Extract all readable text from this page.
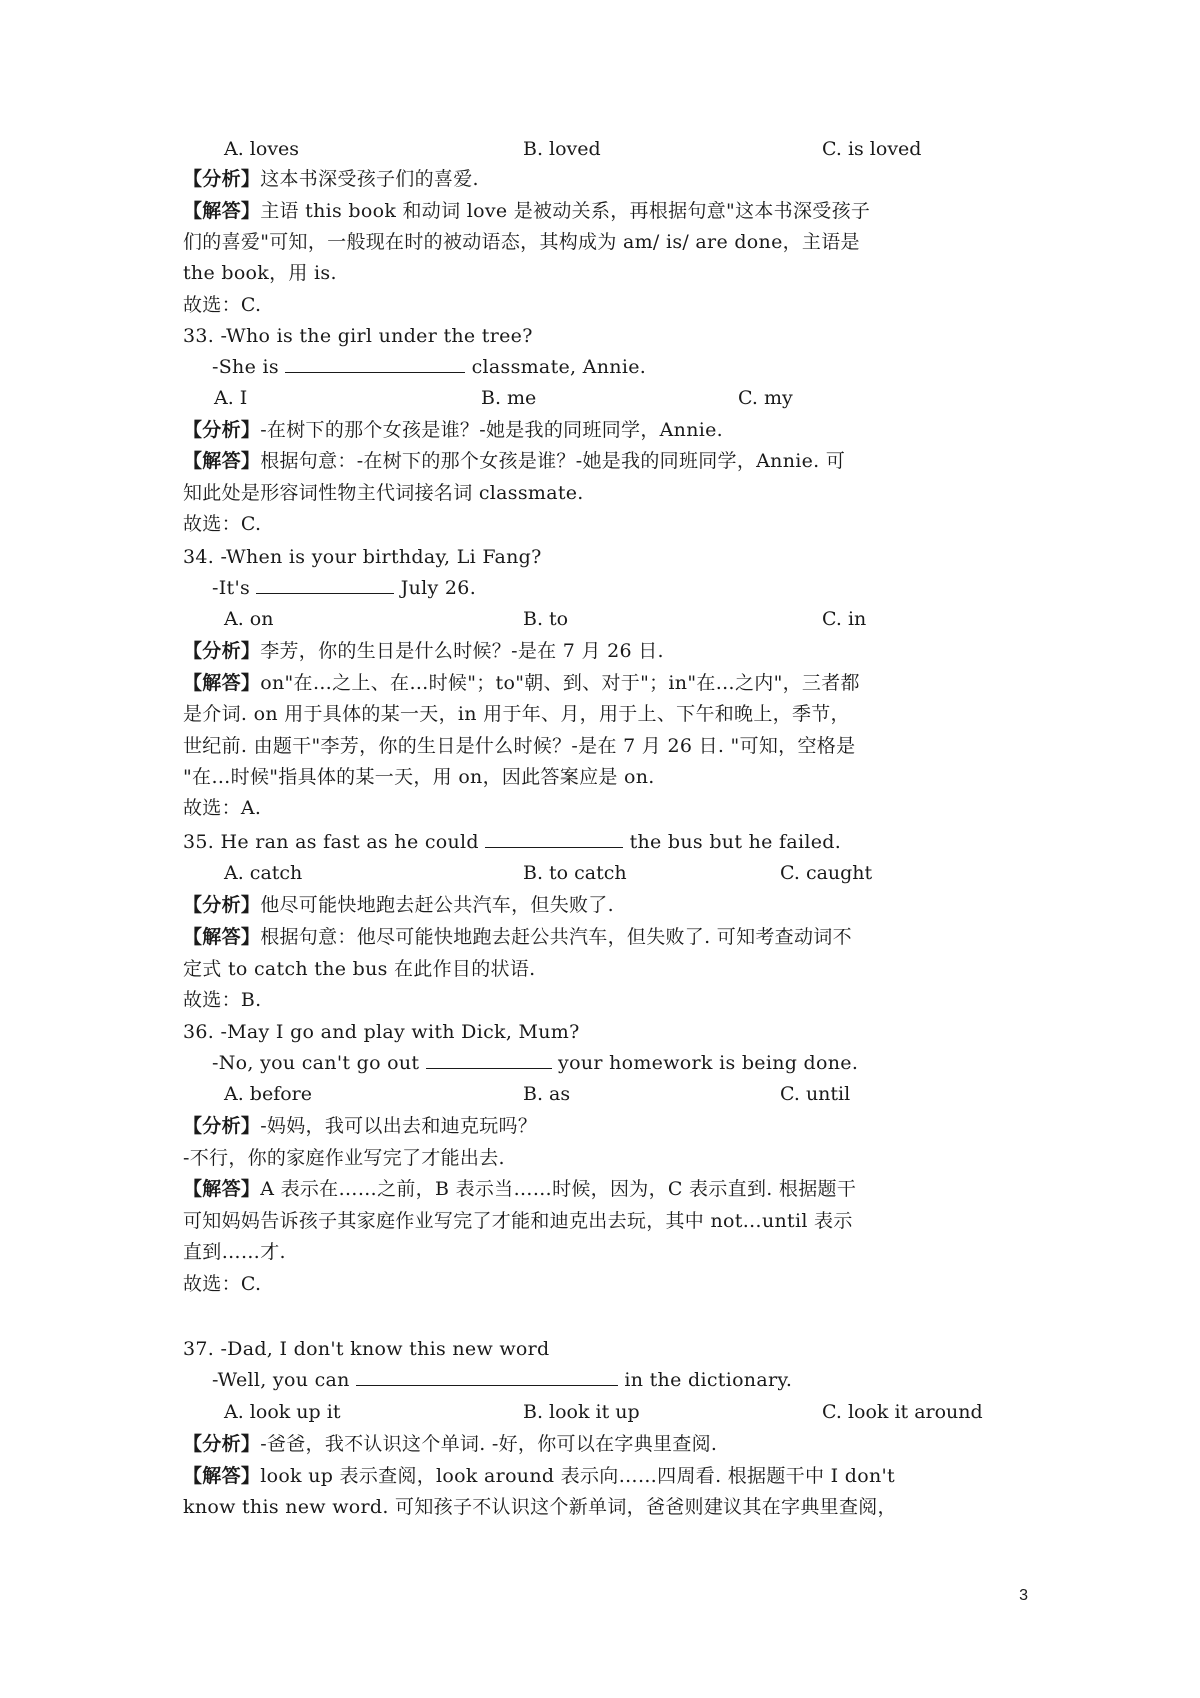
A. loves	B. loved	C. is loved
【分析】这本书深受孩子们的喜爱.
【解答】主语 this book 和动词 love 是被动关系，再根据句意"这本书深受孩子
们的喜爱"可知，一般现在时的被动语态，其构成为 am/ is/ are done，主语是
the book，用 is.
故选：C.
33. -Who is the girl under the tree?
-She is	classmate, Annie.
A. I	B. me	C. my
【分析】-在树下的那个女孩是谁？-她是我的同班同学，Annie.
【解答】根据句意：-在树下的那个女孩是谁？-她是我的同班同学，Annie. 可
知此处是形容词性物主代词接名词 classmate.
故选：C.
34. -When is your birthday, Li Fang?
-It's	July 26.
A. on	B. to	C. in
【分析】李芳，你的生日是什么时候？-是在 7 月 26 日.
【解答】on"在…之上、在…时候"；to"朝、到、对于"；in"在…之内"，三者都
是介词. on 用于具体的某一天，in 用于年、月，用于上、下午和晚上，季节，
世纪前. 由题干"李芳，你的生日是什么时候？-是在 7 月 26 日. "可知，空格是
"在…时候"指具体的某一天，用 on，因此答案应是 on.
故选：A.
35. He ran as fast as he could	the bus but he failed.
A. catch	B. to catch	C. caught
【分析】他尽可能快地跑去赶公共汽车，但失败了.
【解答】根据句意：他尽可能快地跑去赶公共汽车，但失败了. 可知考查动词不
定式 to catch the bus 在此作目的状语.
故选：B.
36. -May I go and play with Dick, Mum?
-No, you can't go out	your homework is being done.
A. before	B. as	C. until
【分析】-妈妈，我可以出去和迪克玩吗？
-不行，你的家庭作业写完了才能出去.
【解答】A 表示在……之前，B 表示当……时候，因为，C 表示直到. 根据题干
可知妈妈告诉孩子其家庭作业写完了才能和迪克出去玩，其中 not…until 表示
直到……才.
故选：C.
37. -Dad, I don't know this new word
-Well, you can	in the dictionary.
A. look up it	B. look it up	C. look it around
【分析】-爸爸，我不认识这个单词. -好，你可以在字典里查阅.
【解答】look up 表示查阅，look around 表示向……四周看. 根据题干中 I don't
know this new word. 可知孩子不认识这个新单词，爸爸则建议其在字典里查阅，
3
